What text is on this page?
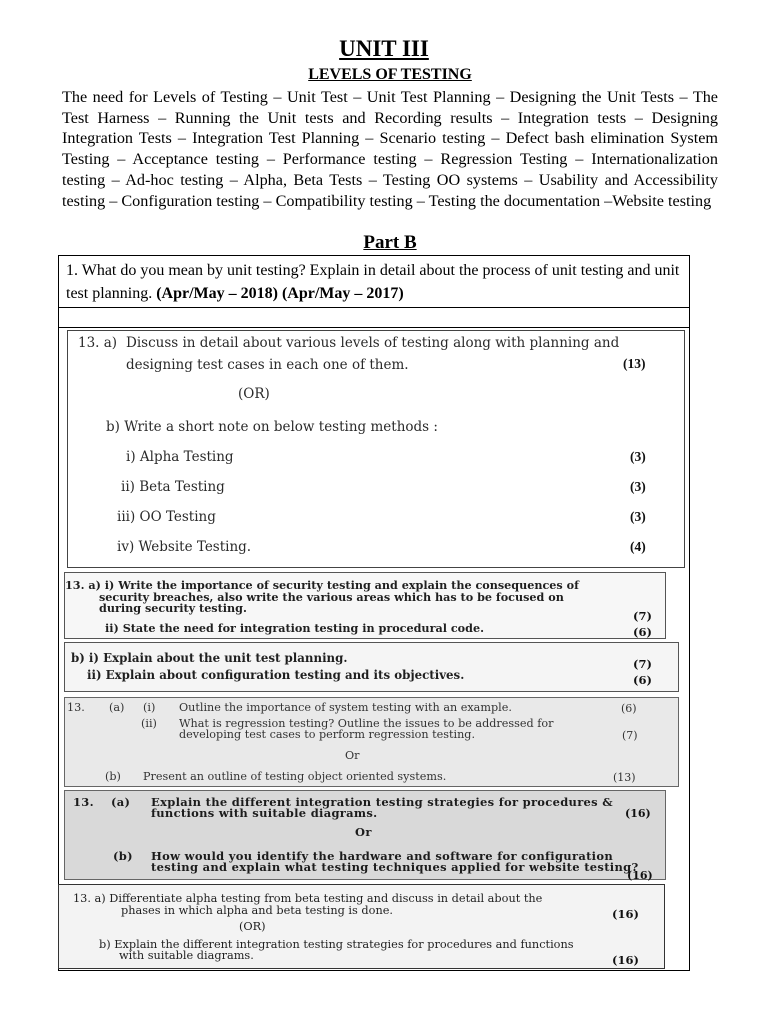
UNIT III
LEVELS OF TESTING
The need for Levels of Testing – Unit Test – Unit Test Planning – Designing the Unit Tests – The Test Harness – Running the Unit tests and Recording results – Integration tests – Designing Integration Tests – Integration Test Planning – Scenario testing – Defect bash elimination System Testing – Acceptance testing – Performance testing – Regression Testing – Internationalization testing – Ad-hoc testing – Alpha, Beta Tests – Testing OO systems – Usability and Accessibility testing – Configuration testing – Compatibility testing – Testing the documentation –Website testing
Part B
1. What do you mean by unit testing? Explain in detail about the process of unit testing and unit test planning. (Apr/May – 2018) (Apr/May – 2017)
13. a) Discuss in detail about various levels of testing along with planning and
designing test cases in each one of them.	(13)
(OR)
b) Write a short note on below testing methods :
i) Alpha Testing	(3)
ii) Beta Testing	(3)
iii) OO Testing	(3)
iv) Website Testing.	(4)
13. a) i) Write the importance of security testing and explain the consequences of
security breaches, also write the various areas which has to be focused on
during security testing.
(7)
ii) State the need for integration testing in procedural code.	(6)
b) i) Explain about the unit test planning.	(7)
ii) Explain about configuration testing and its objectives.	(6)
13. (a) (i) Outline the importance of system testing with an example.	(6)
(ii) What is regression testing? Outline the issues to be addressed for
developing test cases to perform regression testing.	(7)
Or
(b) Present an outline of testing object oriented systems.	(13)
13. (a) Explain the different integration testing strategies for procedures &
functions with suitable diagrams.	(16)
Or
(b) How would you identify the hardware and software for configuration
testing and explain what testing techniques applied for website testing?
(16)
13. a) Differentiate alpha testing from beta testing and discuss in detail about the
phases in which alpha and beta testing is done.	(16)
(OR)
b) Explain the different integration testing strategies for procedures and functions
with suitable diagrams.	(16)
